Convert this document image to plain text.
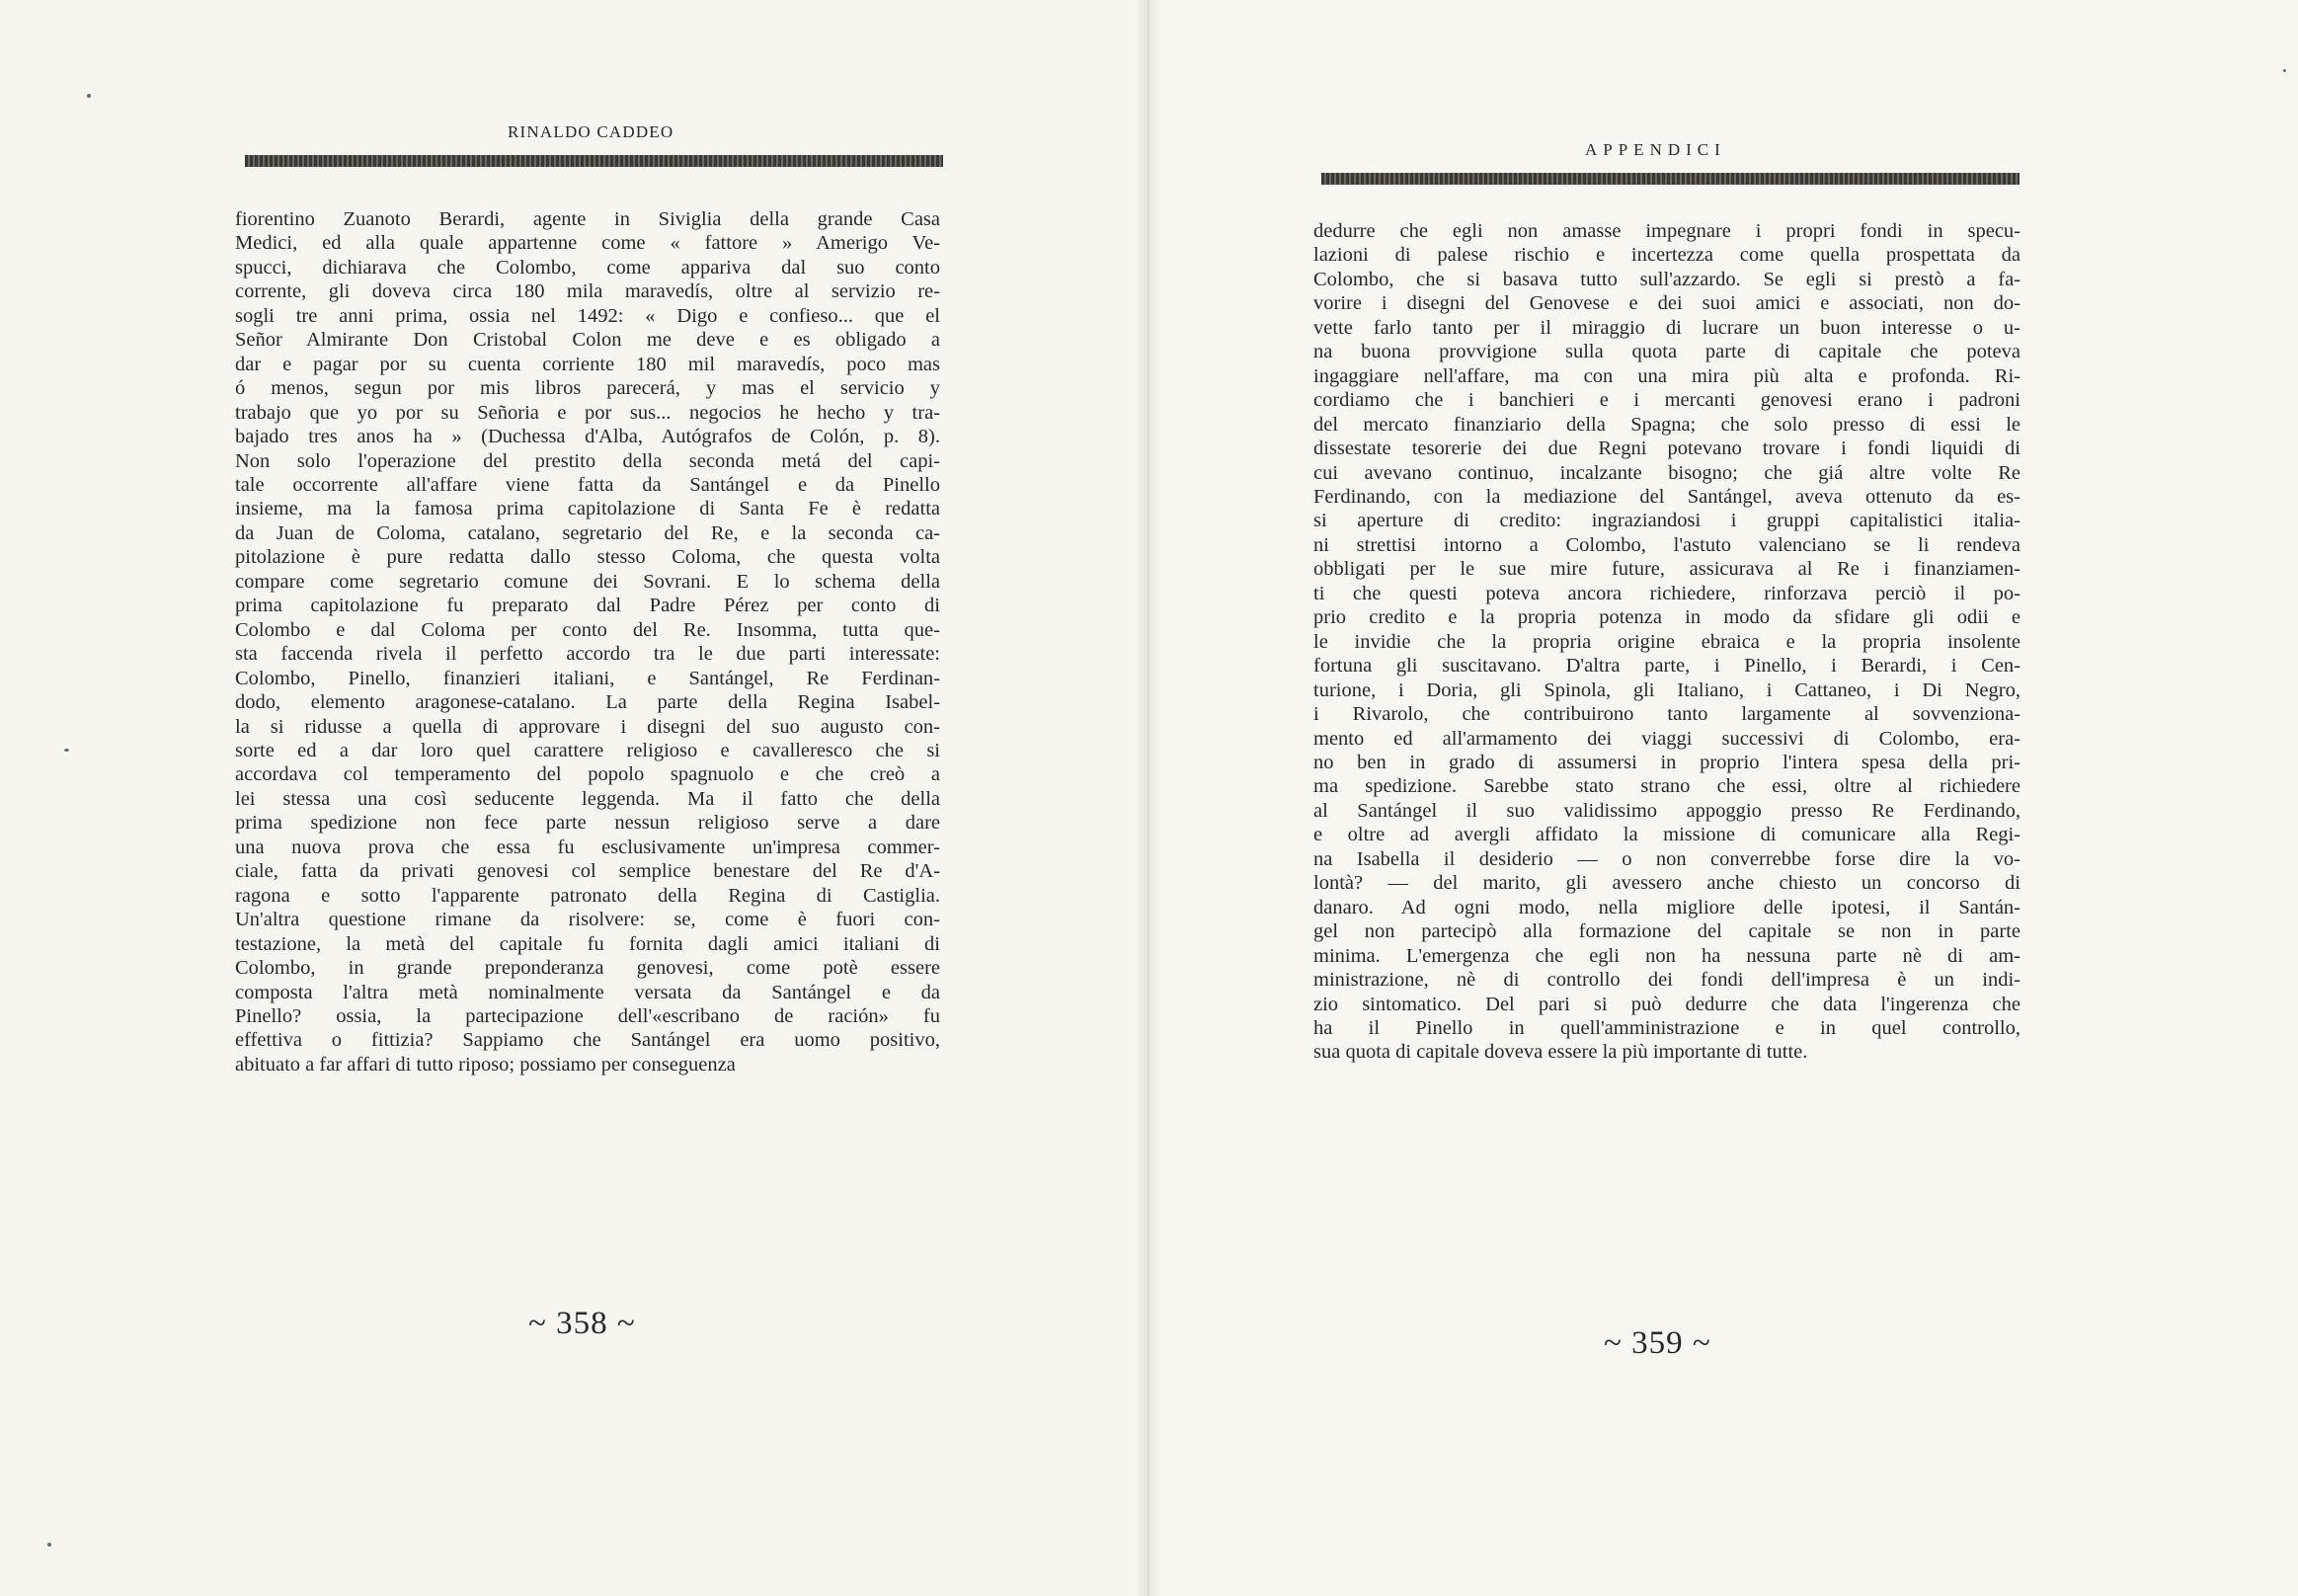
RINALDO CADDEO
APPENDICI
fiorentino Zuanoto Berardi, agente in Siviglia della grande Casa
Medici, ed alla quale appartenne come « fattore » Amerigo Ve-
spucci, dichiarava che Colombo, come appariva dal suo conto
corrente, gli doveva circa 180 mila maravedís, oltre al servizio re-
sogli tre anni prima, ossia nel 1492: « Digo e confieso... que el
Señor Almirante Don Cristobal Colon me deve e es obligado a
dar e pagar por su cuenta corriente 180 mil maravedís, poco mas
ó menos, segun por mis libros parecerá, y mas el servicio y
trabajo que yo por su Señoria e por sus... negocios he hecho y tra-
bajado tres anos ha » (Duchessa d'Alba, Autógrafos de Colón, p. 8).
Non solo l'operazione del prestito della seconda metá del capi-
tale occorrente all'affare viene fatta da Santángel e da Pinello
insieme, ma la famosa prima capitolazione di Santa Fe è redatta
da Juan de Coloma, catalano, segretario del Re, e la seconda ca-
pitolazione è pure redatta dallo stesso Coloma, che questa volta
compare come segretario comune dei Sovrani. E lo schema della
prima capitolazione fu preparato dal Padre Pérez per conto di
Colombo e dal Coloma per conto del Re. Insomma, tutta que-
sta faccenda rivela il perfetto accordo tra le due parti interessate:
Colombo, Pinello, finanzieri italiani, e Santángel, Re Ferdinan-
dodo, elemento aragonese-catalano. La parte della Regina Isabel-
la si ridusse a quella di approvare i disegni del suo augusto con-
sorte ed a dar loro quel carattere religioso e cavalleresco che si
accordava col temperamento del popolo spagnuolo e che creò a
lei stessa una così seducente leggenda. Ma il fatto che della
prima spedizione non fece parte nessun religioso serve a dare
una nuova prova che essa fu esclusivamente un'impresa commer-
ciale, fatta da privati genovesi col semplice benestare del Re d'A-
ragona e sotto l'apparente patronato della Regina di Castiglia.
Un'altra questione rimane da risolvere: se, come è fuori con-
testazione, la metà del capitale fu fornita dagli amici italiani di
Colombo, in grande preponderanza genovesi, come potè essere
composta l'altra metà nominalmente versata da Santángel e da
Pinello? ossia, la partecipazione dell'«escribano de ración» fu
effettiva o fittizia? Sappiamo che Santángel era uomo positivo,
abituato a far affari di tutto riposo; possiamo per conseguenza
dedurre che egli non amasse impegnare i propri fondi in specu-
lazioni di palese rischio e incertezza come quella prospettata da
Colombo, che si basava tutto sull'azzardo. Se egli si prestò a fa-
vorire i disegni del Genovese e dei suoi amici e associati, non do-
vette farlo tanto per il miraggio di lucrare un buon interesse o u-
na buona provvigione sulla quota parte di capitale che poteva
ingaggiare nell'affare, ma con una mira più alta e profonda. Ri-
cordiamo che i banchieri e i mercanti genovesi erano i padroni
del mercato finanziario della Spagna; che solo presso di essi le
dissestate tesorerie dei due Regni potevano trovare i fondi liquidi di
cui avevano continuo, incalzante bisogno; che giá altre volte Re
Ferdinando, con la mediazione del Santángel, aveva ottenuto da es-
si aperture di credito: ingraziandosi i gruppi capitalistici italia-
ni strettisi intorno a Colombo, l'astuto valenciano se li rendeva
obbligati per le sue mire future, assicurava al Re i finanziamen-
ti che questi poteva ancora richiedere, rinforzava perciò il po-
prio credito e la propria potenza in modo da sfidare gli odii e
le invidie che la propria origine ebraica e la propria insolente
fortuna gli suscitavano. D'altra parte, i Pinello, i Berardi, i Cen-
turione, i Doria, gli Spinola, gli Italiano, i Cattaneo, i Di Negro,
i Rivarolo, che contribuirono tanto largamente al sovvenziona-
mento ed all'armamento dei viaggi successivi di Colombo, era-
no ben in grado di assumersi in proprio l'intera spesa della pri-
ma spedizione. Sarebbe stato strano che essi, oltre al richiedere
al Santángel il suo validissimo appoggio presso Re Ferdinando,
e oltre ad avergli affidato la missione di comunicare alla Regi-
na Isabella il desiderio — o non converrebbe forse dire la vo-
lontà? — del marito, gli avessero anche chiesto un concorso di
danaro. Ad ogni modo, nella migliore delle ipotesi, il Santán-
gel non partecipò alla formazione del capitale se non in parte
minima. L'emergenza che egli non ha nessuna parte nè di am-
ministrazione, nè di controllo dei fondi dell'impresa è un indi-
zio sintomatico. Del pari si può dedurre che data l'ingerenza che
ha il Pinello in quell'amministrazione e in quel controllo,
sua quota di capitale doveva essere la più importante di tutte.
~ 358 ~
~ 359 ~
